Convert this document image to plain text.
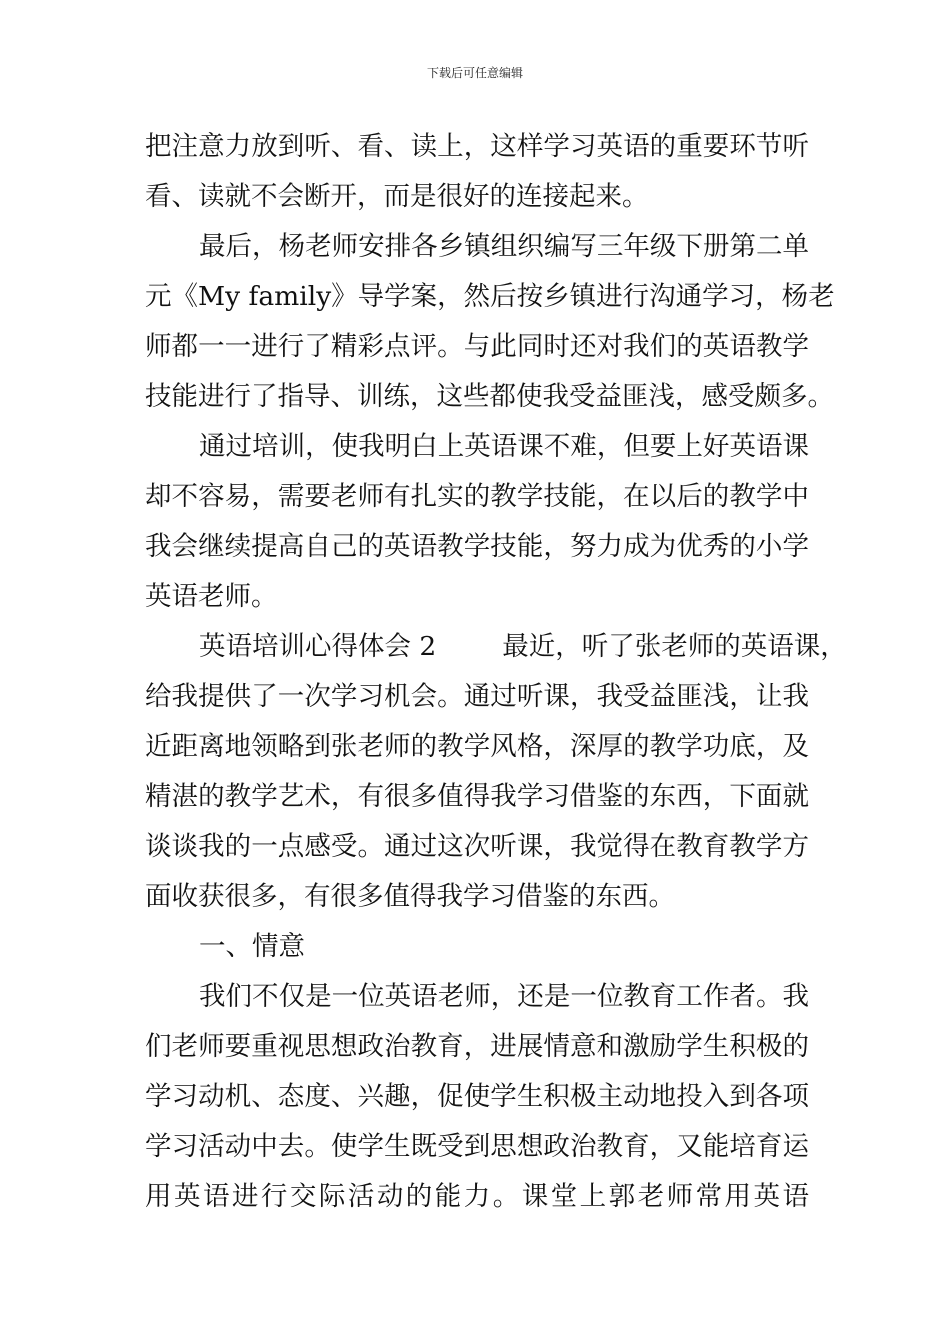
下载后可任意编辑
把注意力放到听、看、读上，这样学习英语的重要环节听
看、读就不会断开，而是很好的连接起来。
最后，杨老师安排各乡镇组织编写三年级下册第二单
元《My family》导学案，然后按乡镇进行沟通学习，杨老
师都一一进行了精彩点评。与此同时还对我们的英语教学
技能进行了指导、训练，这些都使我受益匪浅，感受颇多。
通过培训，使我明白上英语课不难，但要上好英语课
却不容易，需要老师有扎实的教学技能，在以后的教学中
我会继续提高自己的英语教学技能，努力成为优秀的小学
英语老师。
英语培训心得体会 2 最近，听了张老师的英语课，
给我提供了一次学习机会。通过听课，我受益匪浅，让我
近距离地领略到张老师的教学风格，深厚的教学功底，及
精湛的教学艺术，有很多值得我学习借鉴的东西，下面就
谈谈我的一点感受。通过这次听课，我觉得在教育教学方
面收获很多，有很多值得我学习借鉴的东西。
一、情意
我们不仅是一位英语老师，还是一位教育工作者。我
们老师要重视思想政治教育，进展情意和激励学生积极的
学习动机、态度、兴趣，促使学生积极主动地投入到各项
学习活动中去。使学生既受到思想政治教育，又能培育运
用英语进行交际活动的能力。课堂上郭老师常用英语
